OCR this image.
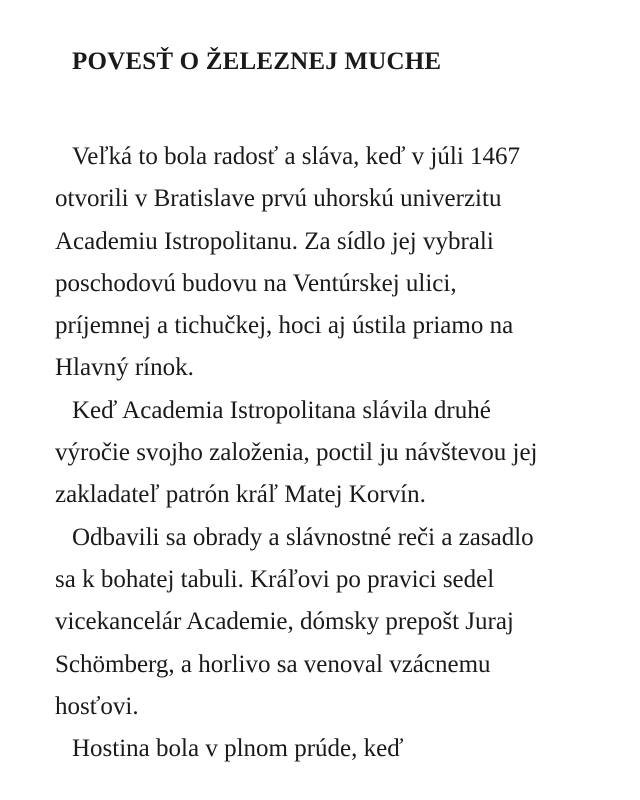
POVESŤ O ŽELEZNEJ MUCHE

Veľká to bola radosť a sláva, keď v júli 1467
otvorili v Bratislave prvú uhorskú univerzitu
Academiu Istropolitanu. Za sídlo jej vybrali
poschodovú budovu na Ventúrskej ulici,
príjemnej a tichučkej, hoci aj ústila priamo na
Hlavný rínok.

Keď Academia Istropolitana slávila druhé
výročie svojho založenia, poctil ju návštevou jej
zakladateľ patrón kráľ Matej Korvín.

Odbavili sa obrady a slávnostné reči a zasadlo
sa k bohatej tabuli. Kráľovi po pravici sedel
vicekancelár Academie, dómsky prepošt Juraj
Schömberg, a horlivo sa venoval vzácnemu
hosťovi.

Hostina bola v plnom prúde, keď
